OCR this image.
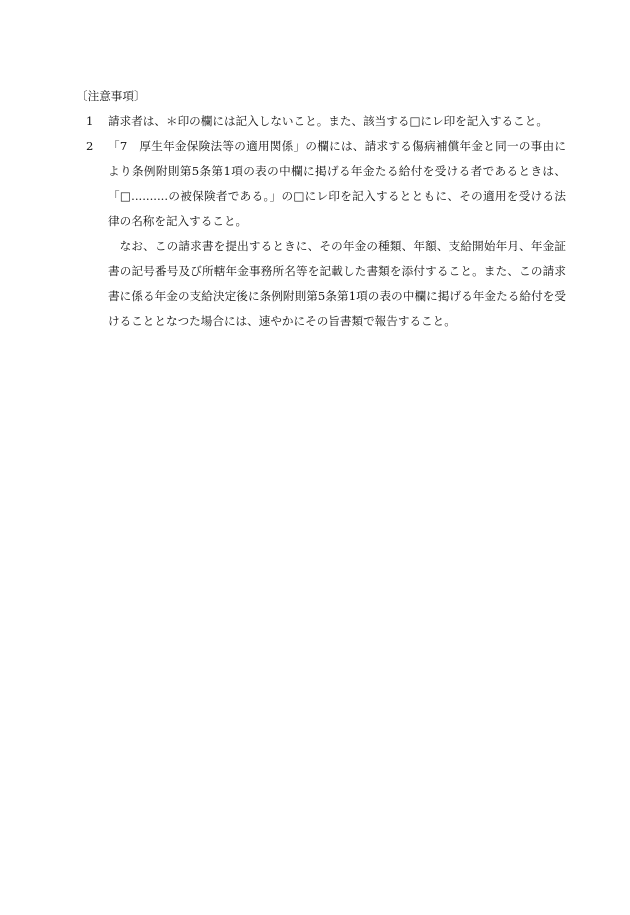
〔注意事項〕
1	請求者は、＊印の欄には記入しないこと。また、該当する□にレ印を記入すること。
2	「7　厚生年金保険法等の適用関係」の欄には、請求する傷病補償年金と同一の事由により条例附則第5条第1項の表の中欄に掲げる年金たる給付を受ける者であるときは、「□..........の被保険者である。」の□にレ印を記入するとともに、その適用を受ける法律の名称を記入すること。
なお、この請求書を提出するときに、その年金の種類、年額、支給開始年月、年金証書の記号番号及び所轄年金事務所名等を記載した書類を添付すること。また、この請求書に係る年金の支給決定後に条例附則第5条第1項の表の中欄に掲げる年金たる給付を受けることとなつた場合には、速やかにその旨書類で報告すること。
